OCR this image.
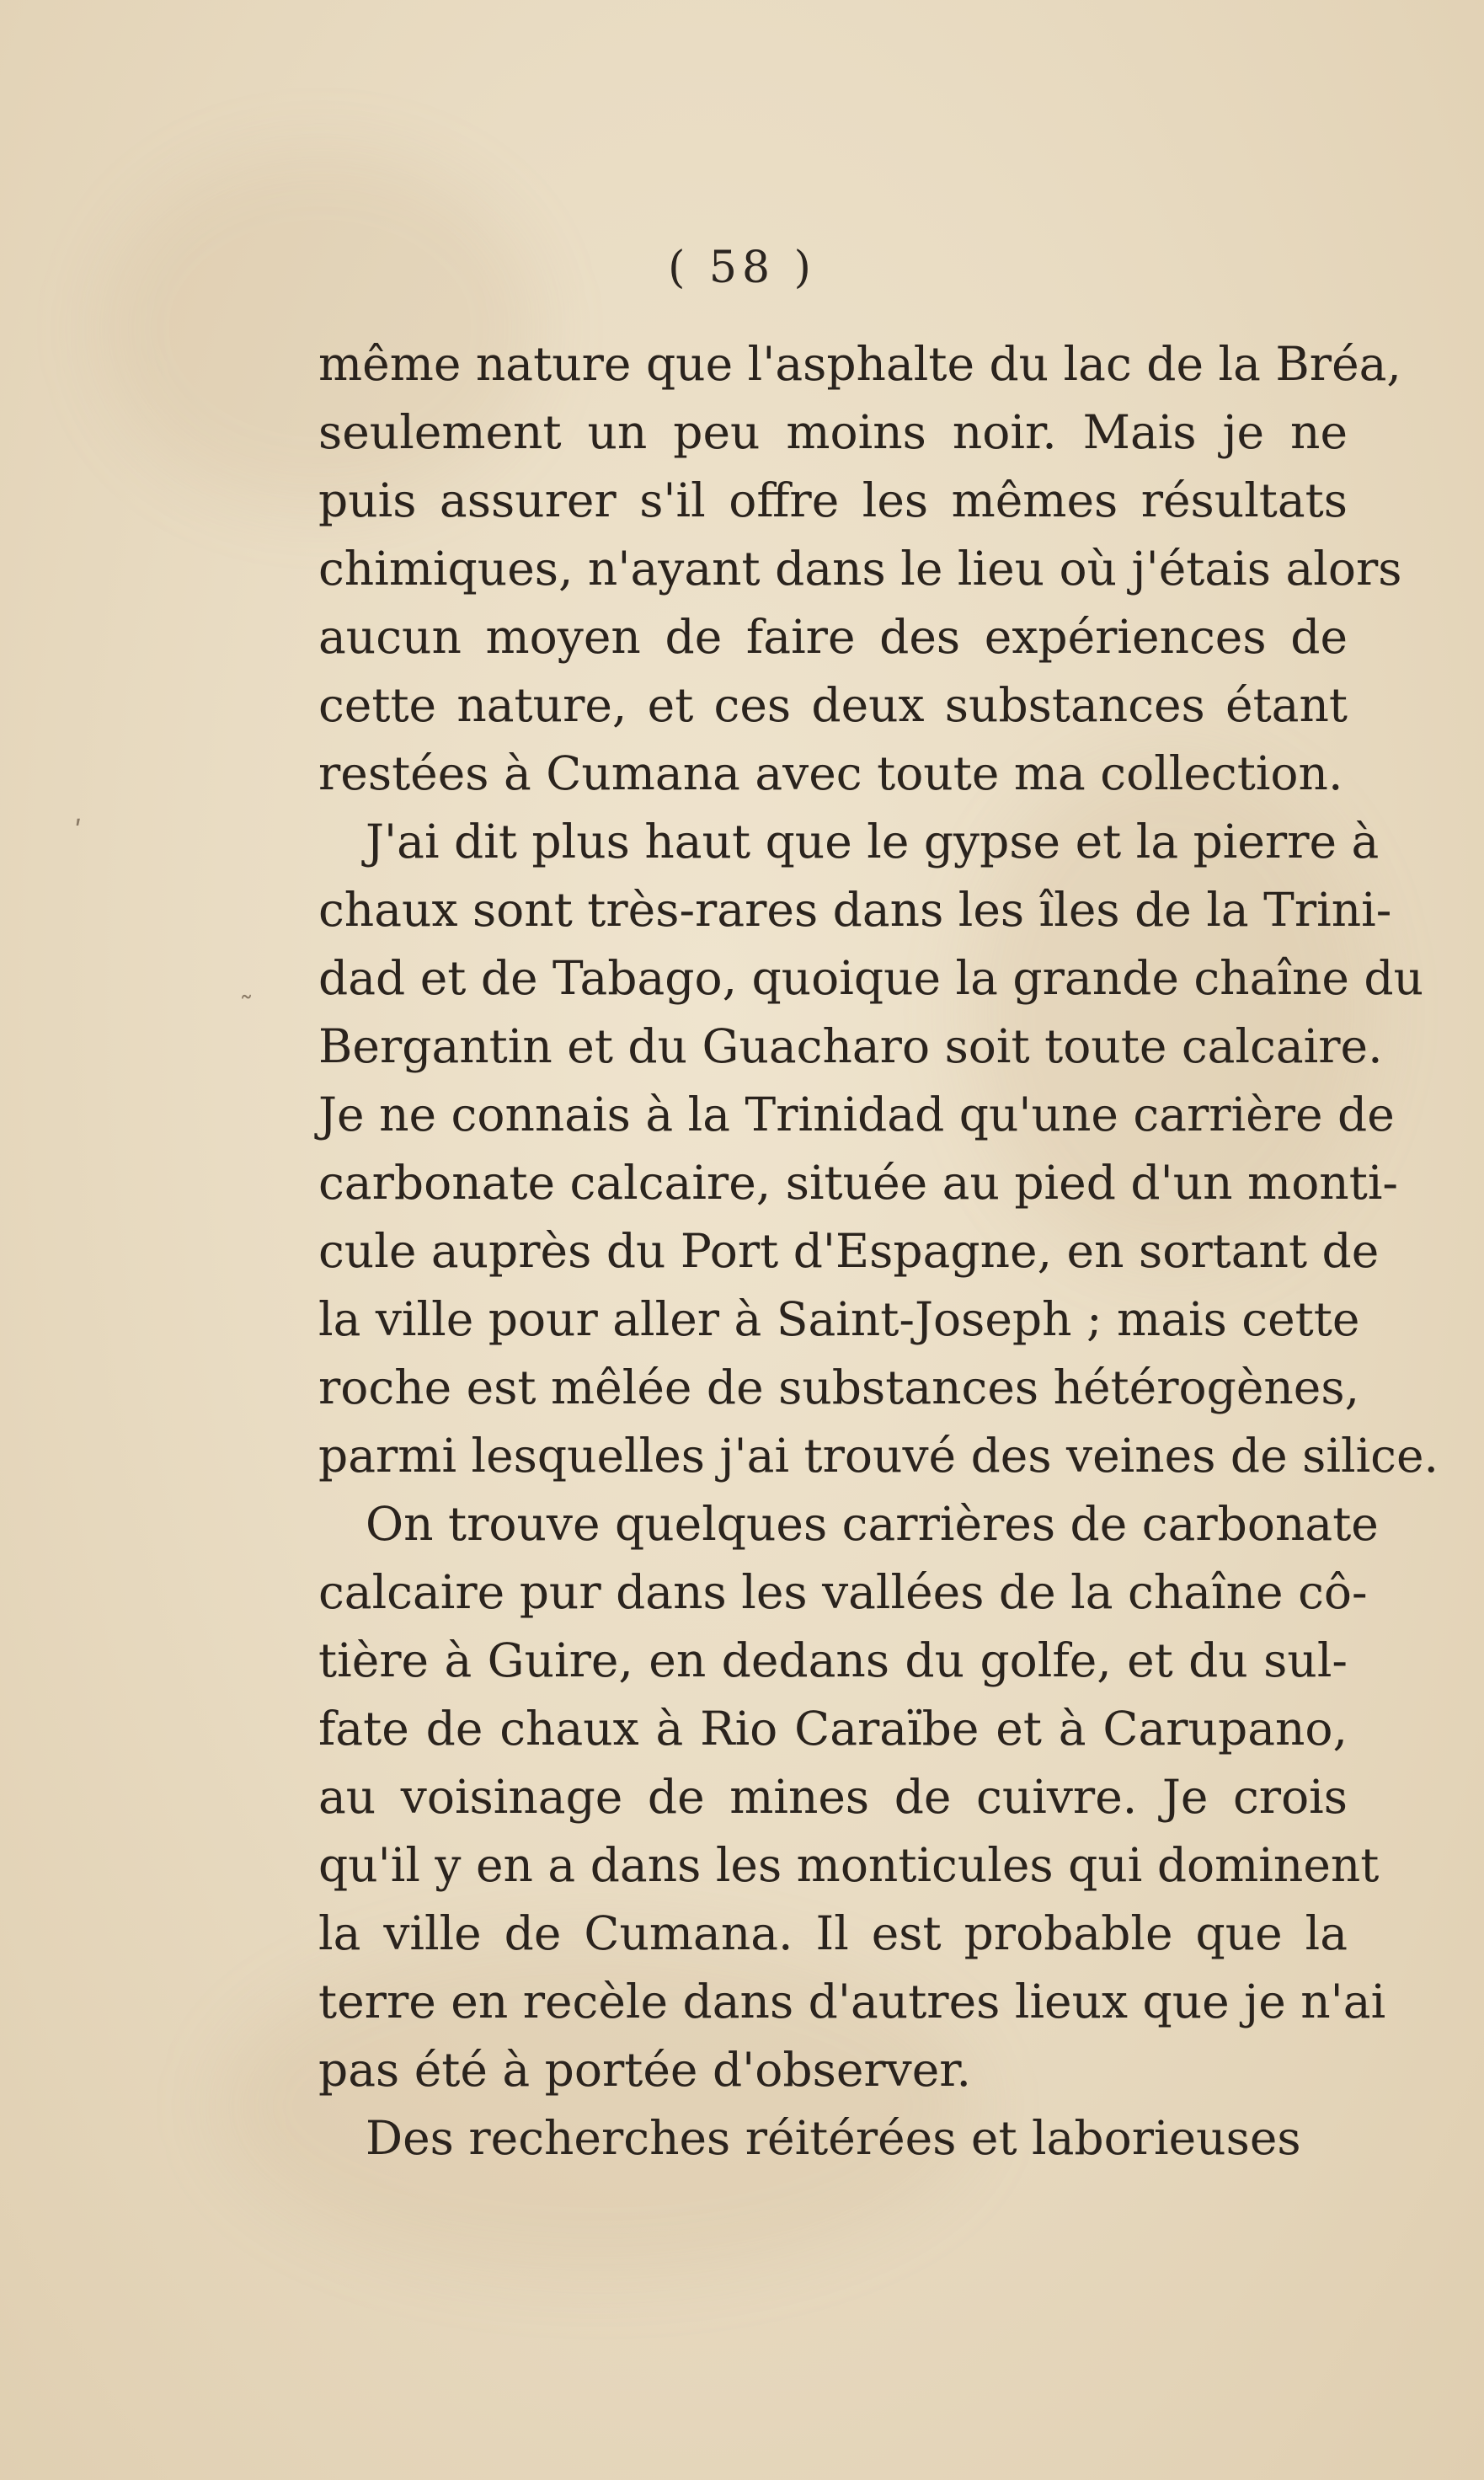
ʹ
˷
( 58 )
même nature que l'asphalte du lac de la Bréa,
seulement un peu moins noir. Mais je ne
puis assurer s'il offre les mêmes résultats
chimiques, n'ayant dans le lieu où j'étais alors
aucun moyen de faire des expériences de
cette nature, et ces deux substances étant
restées à Cumana avec toute ma collection.
J'ai dit plus haut que le gypse et la pierre à
chaux sont très-rares dans les îles de la Trini-
dad et de Tabago, quoique la grande chaîne du
Bergantin et du Guacharo soit toute calcaire.
Je ne connais à la Trinidad qu'une carrière de
carbonate calcaire, située au pied d'un monti-
cule auprès du Port d'Espagne, en sortant de
la ville pour aller à Saint-Joseph ; mais cette
roche est mêlée de substances hétérogènes,
parmi lesquelles j'ai trouvé des veines de silice.
On trouve quelques carrières de carbonate
calcaire pur dans les vallées de la chaîne cô-
tière à Guire, en dedans du golfe, et du sul-
fate de chaux à Rio Caraïbe et à Carupano,
au voisinage de mines de cuivre. Je crois
qu'il y en a dans les monticules qui dominent
la ville de Cumana. Il est probable que la
terre en recèle dans d'autres lieux que je n'ai
pas été à portée d'observer.
Des recherches réitérées et laborieuses
